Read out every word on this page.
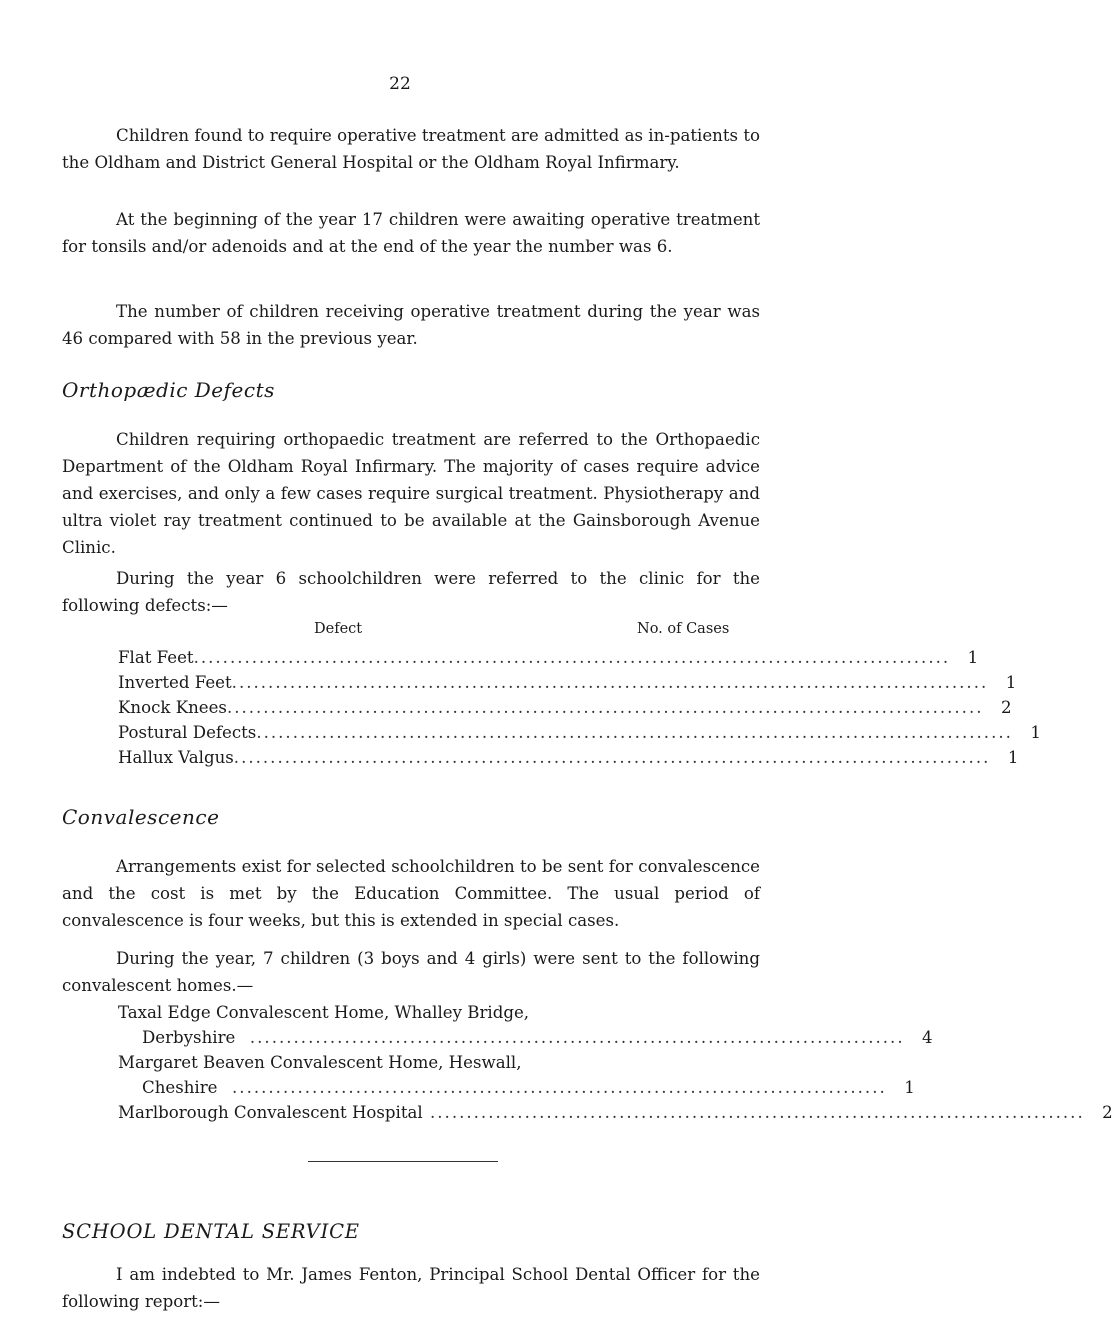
22
Children found to require operative treatment are admitted as in-patients to the Oldham and District General Hospital or the Oldham Royal Infirmary.
At the beginning of the year 17 children were awaiting operative treatment for tonsils and/or adenoids and at the end of the year the number was 6.
The number of children receiving operative treatment during the year was 46 compared with 58 in the previous year.
Orthopædic Defects
Children requiring orthopaedic treatment are referred to the Orthopaedic Department of the Oldham Royal Infirmary. The majority of cases require advice and exercises, and only a few cases require surgical treatment. Physiotherapy and ultra violet ray treatment continued to be available at the Gainsborough Avenue Clinic.
During the year 6 schoolchildren were referred to the clinic for the following defects:—
Defect	No. of Cases
Flat Feet ........................................................................................................	1
Inverted Feet ........................................................................................................	1
Knock Knees ........................................................................................................	2
Postural Defects ........................................................................................................	1
Hallux Valgus ........................................................................................................	1
Convalescence
Arrangements exist for selected schoolchildren to be sent for convalescence and the cost is met by the Education Committee. The usual period of convalescence is four weeks, but this is extended in special cases.
During the year, 7 children (3 boys and 4 girls) were sent to the following convalescent homes.—
Taxal Edge Convalescent Home, Whalley Bridge,
Derbyshire ..........................................................................................	4
Margaret Beaven Convalescent Home, Heswall,
Cheshire ..........................................................................................	1
Marlborough Convalescent Hospital ..........................................................................................	2
SCHOOL DENTAL SERVICE
I am indebted to Mr. James Fenton, Principal School Dental Officer for the following report:—
